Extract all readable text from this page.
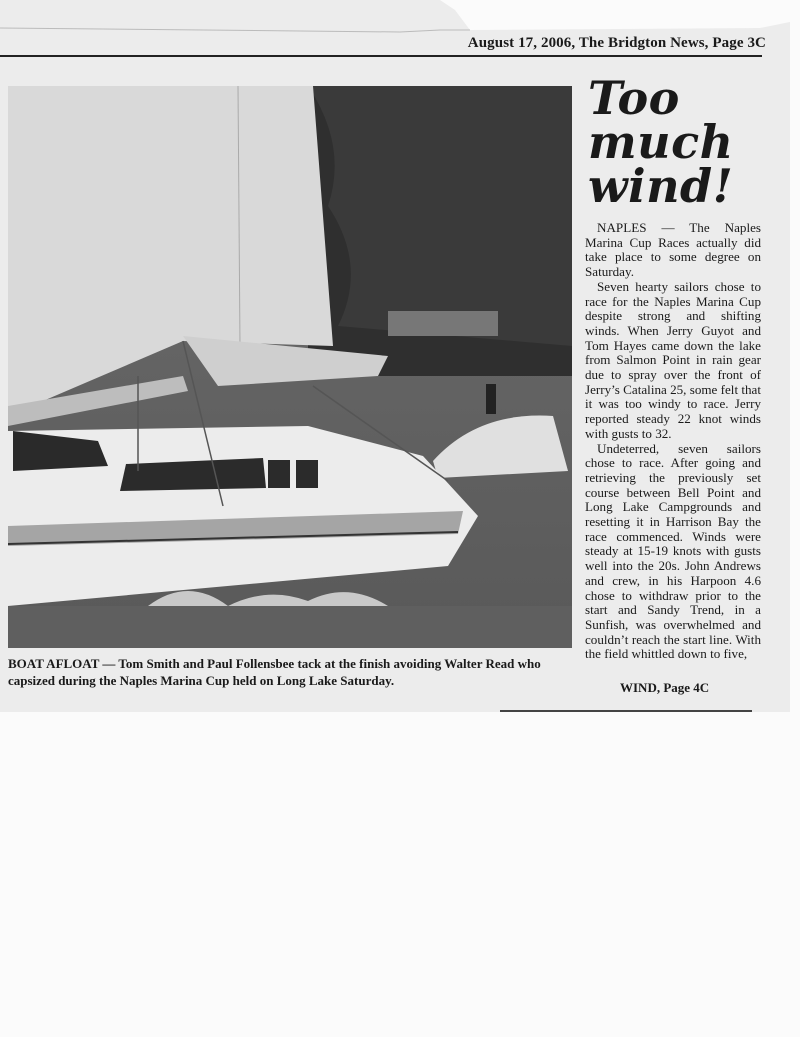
August 17, 2006, The Bridgton News, Page 3C
BOAT AFLOAT — Tom Smith and Paul Follensbee tack at the finish avoiding Walter Read who capsized during the Naples Marina Cup held on Long Lake Saturday.
Too
much
wind!

NAPLES — The Naples Marina Cup Races actually did take place to some degree on Saturday.

Seven hearty sailors chose to race for the Naples Marina Cup despite strong and shifting winds. When Jerry Guyot and Tom Hayes came down the lake from Salmon Point in rain gear due to spray over the front of Jerry’s Catalina 25, some felt that it was too windy to race. Jerry reported steady 22 knot winds with gusts to 32.

Undeterred, seven sailors chose to race. After going and retrieving the previously set course between Bell Point and Long Lake Campgrounds and resetting it in Harrison Bay the race commenced. Winds were steady at 15-19 knots with gusts well into the 20s. John Andrews and crew, in his Harpoon 4.6 chose to withdraw prior to the start and Sandy Trend, in a Sunfish, was overwhelmed and couldn’t reach the start line. With the field whittled down to five,

WIND, Page 4C
